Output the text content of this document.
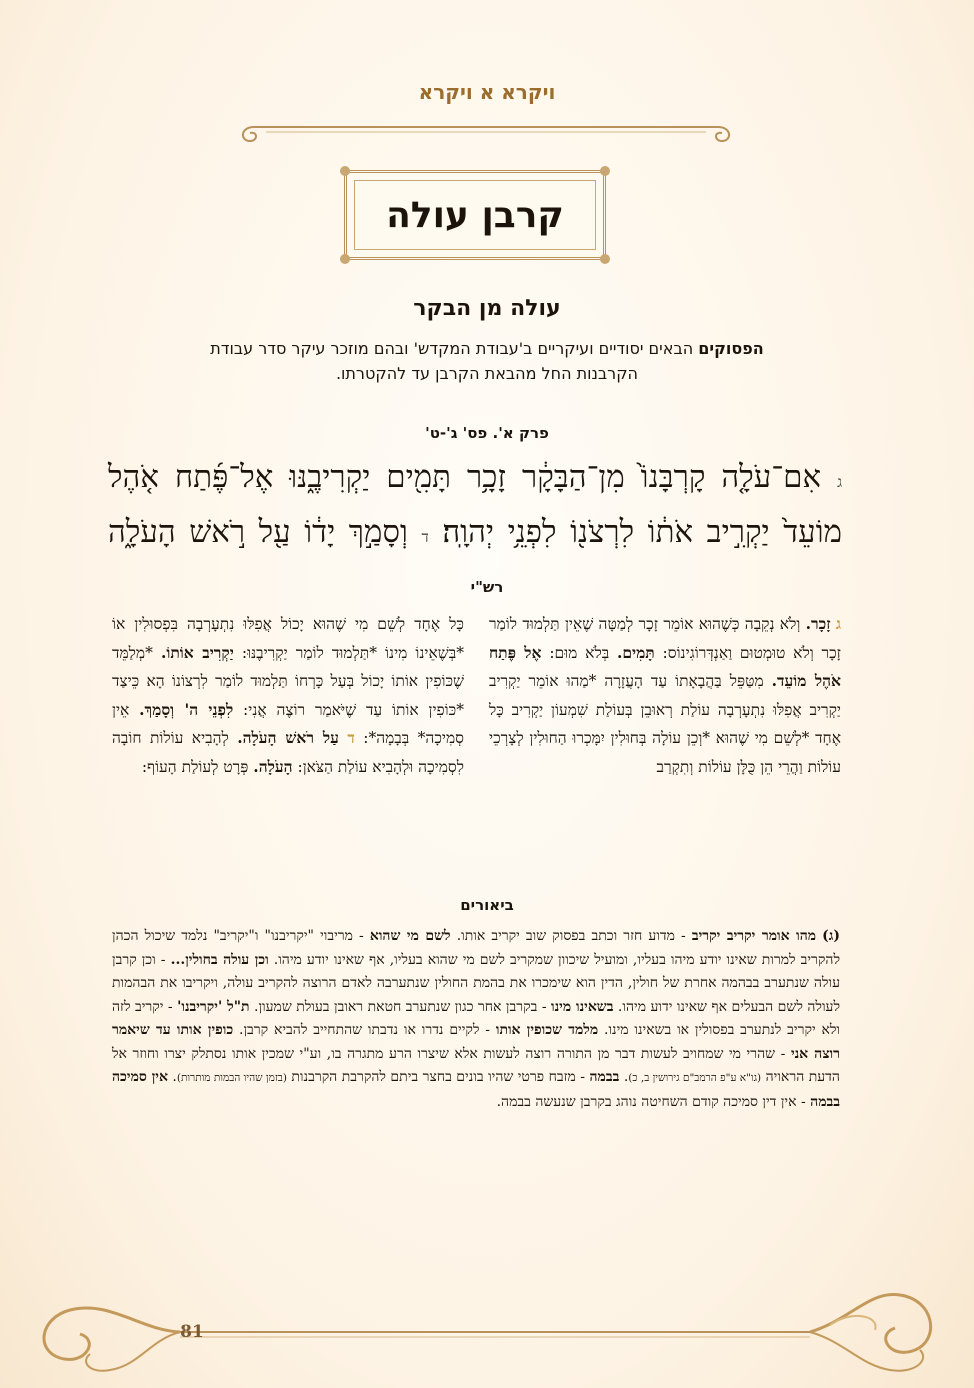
ויקרא א ויקרא
קרבן עולה
עולה מן הבקר
הפסוקים הבאים יסודיים ועיקריים ב'עבודת המקדש' ובהם מוזכר עיקר סדר עבודת הקרבנות החל מהבאת הקרבן עד להקטרתו.
פרק א'. פס' ג'-ט'
ג אִם־עֹלָ֤ה קָרְבָּנוֹ֙ מִן־הַבָּקָ֔ר זָכָ֥ר תָּמִ֖ים יַקְרִיבֶ֑נּוּ אֶל־פֶּ֜תַח אֹ֤הֶל מוֹעֵד֙ יַקְרִ֣יב אֹת֔וֹ לִרְצֹנ֖וֹ לִפְנֵ֥י יְהוָֽה׃ ד וְסָמַ֣ךְ יָד֔וֹ עַ֖ל רֹ֣אשׁ הָעֹלָ֑ה
רש"י
ג זָכָר. וְלֹא נְקֵבָה כְּשֶׁהוּא אוֹמֵר זָכָר לְמַטָּה שֶׁאֵין תַּלְמוּד לוֹמַר זָכָר וְלֹא טוּמְטוּם וַאַנְדְּרוֹגִינוֹס: תָּמִים. בְּלֹא מוּם: אֶל פֶּתַח אֹהֶל מוֹעֵד. מִטַּפֵּל בַּהֲבָאָתוֹ עַד הָעֲזָרָה *מַהוּ אוֹמֵר יַקְרִיב יַקְרִיב אֲפִלּוּ נִתְעָרְבָה עוֹלַת רְאוּבֵן בְּעוֹלַת שִׁמְעוֹן יַקְרִיב כָּל אֶחָד *לְשֵׁם מִי שֶׁהוּא *וְכֵן עוֹלָה בְּחוּלִין יִמָּכְרוּ הַחוּלִין לְצָרְכֵי עוֹלוֹת וַהֲרֵי הֵן כֻּלָּן עוֹלוֹת וְתִקְרַב
כָּל אֶחָד לְשֵׁם מִי שֶׁהוּא יָכוֹל אֲפִלּוּ נִתְעָרְבָה בִּפְסוּלִין אוֹ *בְּשֶׁאֵינוֹ מִינוֹ *תַּלְמוּד לוֹמַר יַקְרִיבֶנּוּ: יַקְרִיב אוֹתוֹ. *מְלַמֵּד שֶׁכּוֹפִין אוֹתוֹ יָכוֹל בְּעַל כָּרְחוֹ תַּלְמוּד לוֹמַר לִרְצוֹנוֹ הָא כֵּיצַד *כּוֹפִין אוֹתוֹ עַד שֶׁיֹּאמַר רוֹצֶה אֲנִי: לִפְנֵי ה' וְסָמַךְ. אֵין סְמִיכָה* בְּבָמָה*: ד עַל רֹאשׁ הָעֹלָה. לְהָבִיא עוֹלוֹת חוֹבָה לִסְמִיכָה וּלְהָבִיא עוֹלַת הַצֹּאן: הָעֹלָה. פְּרָט לְעוֹלַת הָעוֹף:
ביאורים
(ג) מהו אומר יקריב יקריב - מדוע חזר וכתב בפסוק שוב יקריב אותו. לשם מי שהוא - מריבוי "יקריבנו" ו"יקריב" נלמד שיכול הכהן להקריב למרות שאינו יודע מיהו בעליו, ומועיל שיכוון שמקריב לשם מי שהוא בעליו, אף שאינו יודע מיהו. וכן עולה בחולין... - וכן קרבן עולה שנתערב בבהמה אחרת של חולין, הדין הוא שימכרו את בהמת החולין שנתערבה לאדם הרוצה להקריב עולה, ויקריבו את הבהמות לעולה לשם הבעלים אף שאינו ידוע מיהו. בשאינו מינו - בקרבן אחר כגון שנתערב חטאת ראובן בעולת שמעון. ת"ל 'יקריבנו' - יקריב לזה ולא יקריב לנתערב בפסולין או בשאינו מינו. מלמד שכופין אותו - לקיים נדרו או נדבתו שהתחייב להביא קרבן. כופין אותו עד שיאמר רוצה אני - שהרי מי שמחויב לעשות דבר מן התורה רוצה לעשות אלא שיצרו הרע מתגרה בו, וע"י שמכין אותו נסתלק יצרו וחוזר אל הדעת הראויה (גו"א ע"פ הרמב"ם גירושין ב, כ). בבמה - מזבח פרטי שהיו בונים בחצר ביתם להקרבת הקרבנות (בזמן שהיו הבמות מותרות). אין סמיכה בבמה - אין דין סמיכה קודם השחיטה נוהג בקרבן שנעשה בבמה.
81
